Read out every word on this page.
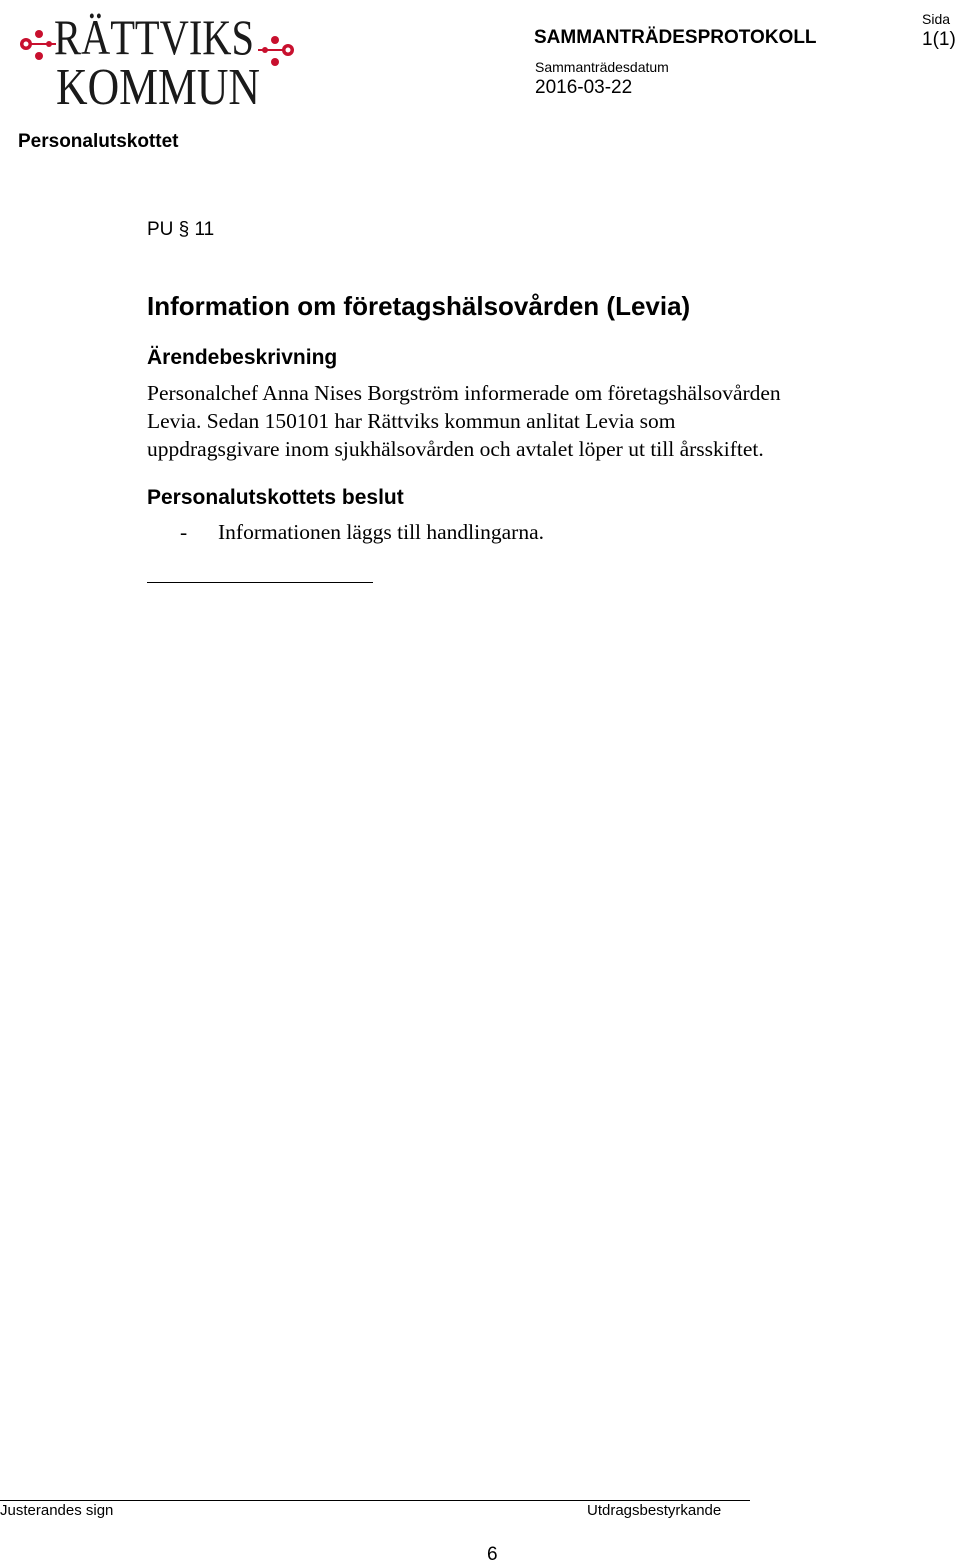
RÄTTVIKS
KOMMUN
SAMMANTRÄDESPROTOKOLL
Sida
1(1)
Sammanträdesdatum
2016-03-22
Personalutskottet
PU § 11
Information om företagshälsovården (Levia)
Ärendebeskrivning
Personalchef Anna Nises Borgström informerade om företagshälsovården
Levia. Sedan 150101 har Rättviks kommun anlitat Levia som
uppdragsgivare inom sjukhälsovården och avtalet löper ut till årsskiftet.
Personalutskottets beslut
- Informationen läggs till handlingarna.
Justerandes sign	Utdragsbestyrkande
6
